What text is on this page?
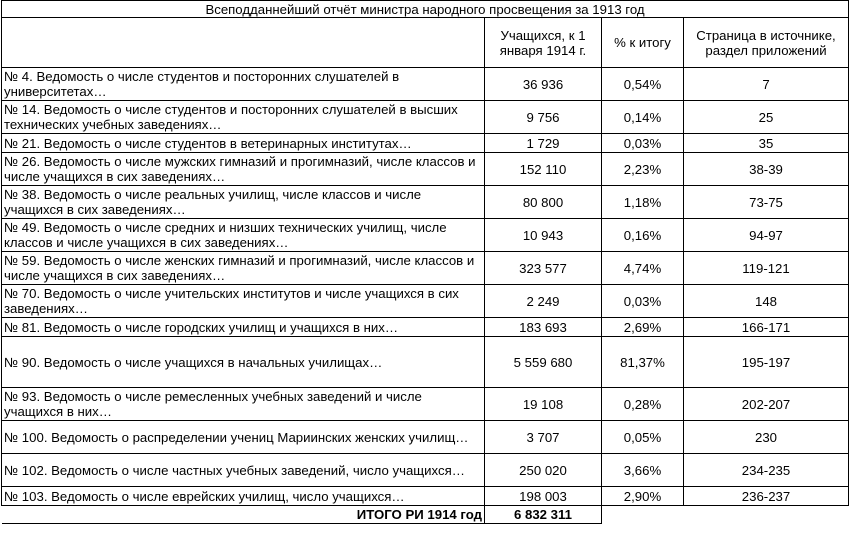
Всеподданнейший отчёт министра народного просвещения за 1913 год			
	Учащихся, к 1 января 1914 г.	% к итогу	Страница в источнике, раздел приложений
№ 4. Ведомость о числе студентов и посторонних слушателей в университетах…	36 936	0,54%	7
№ 14. Ведомость о числе студентов и посторонних слушателей в высших технических учебных заведениях…	9 756	0,14%	25
№ 21. Ведомость о числе студентов в ветеринарных институтах…	1 729	0,03%	35
№ 26. Ведомость о числе мужских гимназий и прогимназий, числе классов и числе учащихся в сих заведениях…	152 110	2,23%	38-39
№ 38. Ведомость о числе реальных училищ, числе классов и числе учащихся в сих заведениях…	80 800	1,18%	73-75
№ 49. Ведомость о числе средних и низших технических училищ, числе классов и числе учащихся в сих заведениях…	10 943	0,16%	94-97
№ 59. Ведомость о числе женских гимназий и прогимназий, числе классов и числе учащихся в сих заведениях…	323 577	4,74%	119-121
№ 70. Ведомость о числе учительских институтов и числе учащихся в сих заведениях…	2 249	0,03%	148
№ 81. Ведомость о числе городских училищ и учащихся в них…	183 693	2,69%	166-171
№ 90. Ведомость о числе учащихся в начальных училищах…	5 559 680	81,37%	195-197
№ 93. Ведомость о числе ремесленных учебных заведений и числе учащихся в них…	19 108	0,28%	202-207
№ 100. Ведомость о распределении учениц Мариинских женских училищ…	3 707	0,05%	230
№ 102. Ведомость о числе частных учебных заведений, число учащихся…	250 020	3,66%	234-235
№ 103. Ведомость о числе еврейских училищ, число учащихся…	198 003	2,90%	236-237
ИТОГО РИ 1914 год	6 832 311		
